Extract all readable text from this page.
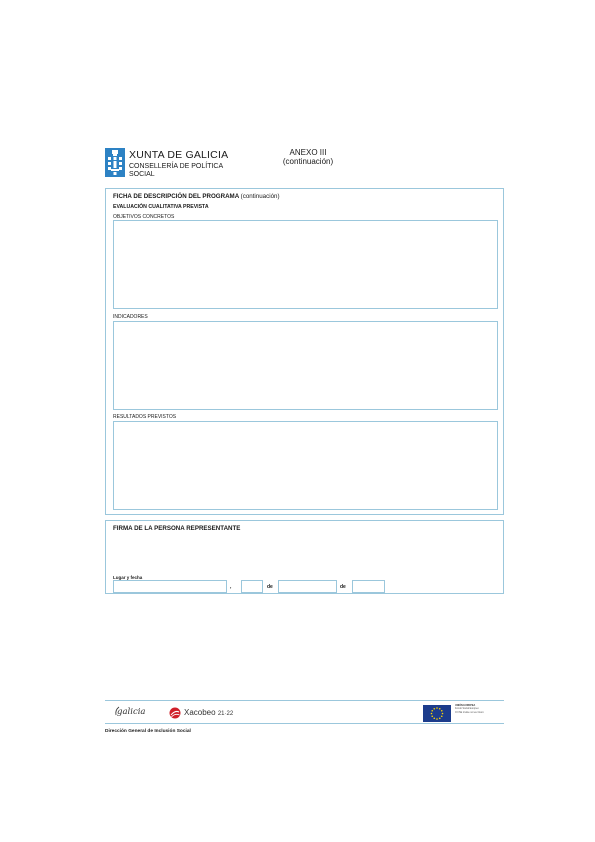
XUNTA DE GALICIA
CONSELLERÍA DE POLÍTICA SOCIAL
ANEXO III
(continuación)
FICHA DE DESCRIPCIÓN DEL PROGRAMA (continuación)
EVALUACIÓN CUALITATIVA PREVISTA
OBJETIVOS CONCRETOS
INDICADORES
RESULTADOS PREVISTOS
FIRMA DE LA PERSONA REPRESENTANTE
Lugar y fecha
,	de	de
galicia	Xacobeo 21·22
UNIÓN EUROPEA
Fondo Social Europeo
O FSE inviste no teu futuro
Dirección General de Inclusión Social
